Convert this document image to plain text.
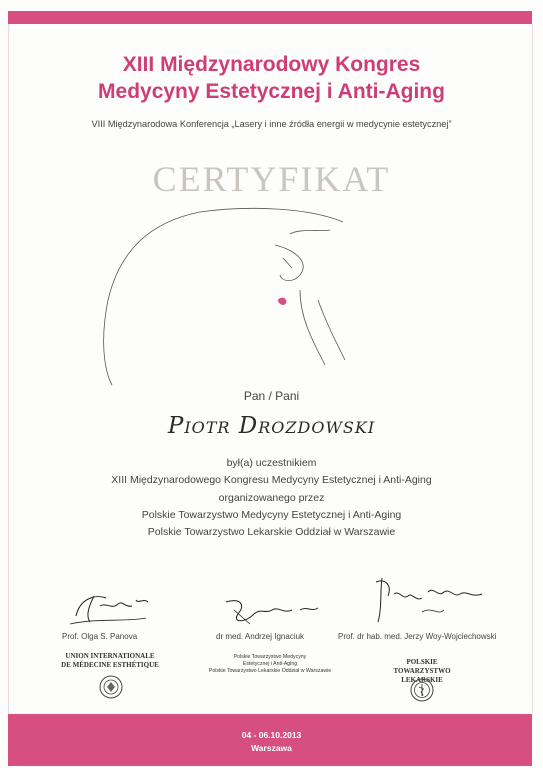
XIII Międzynarodowy Kongres
Medycyny Estetycznej i Anti-Aging
VIII Międzynarodowa Konferencja „Lasery i inne źródła energii w medycynie estetycznej”
CERTYFIKAT
Pan / Pani
Piotr Drozdowski
był(a) uczestnikiem
XIII Międzynarodowego Kongresu Medycyny Estetycznej i Anti-Aging
organizowanego przez
Polskie Towarzystwo Medycyny Estetycznej i Anti-Aging
Polskie Towarzystwo Lekarskie Oddział w Warszawie
Prof. Olga S. Panova	dr med. Andrzej Ignaciuk	Prof. dr hab. med. Jerzy Woy-Wojciechowski
UNION INTERNATIONALE
DE MÉDECINE ESTHÉTIQUE
Polskie Towarzystwo Medycyny
Estetycznej i Anti-Aging
Polskie Towarzystwo Lekarskie Oddział w Warszawie
POLSKIE
TOWARZYSTWO LEKARSKIE
04 - 06.10.2013
Warszawa
